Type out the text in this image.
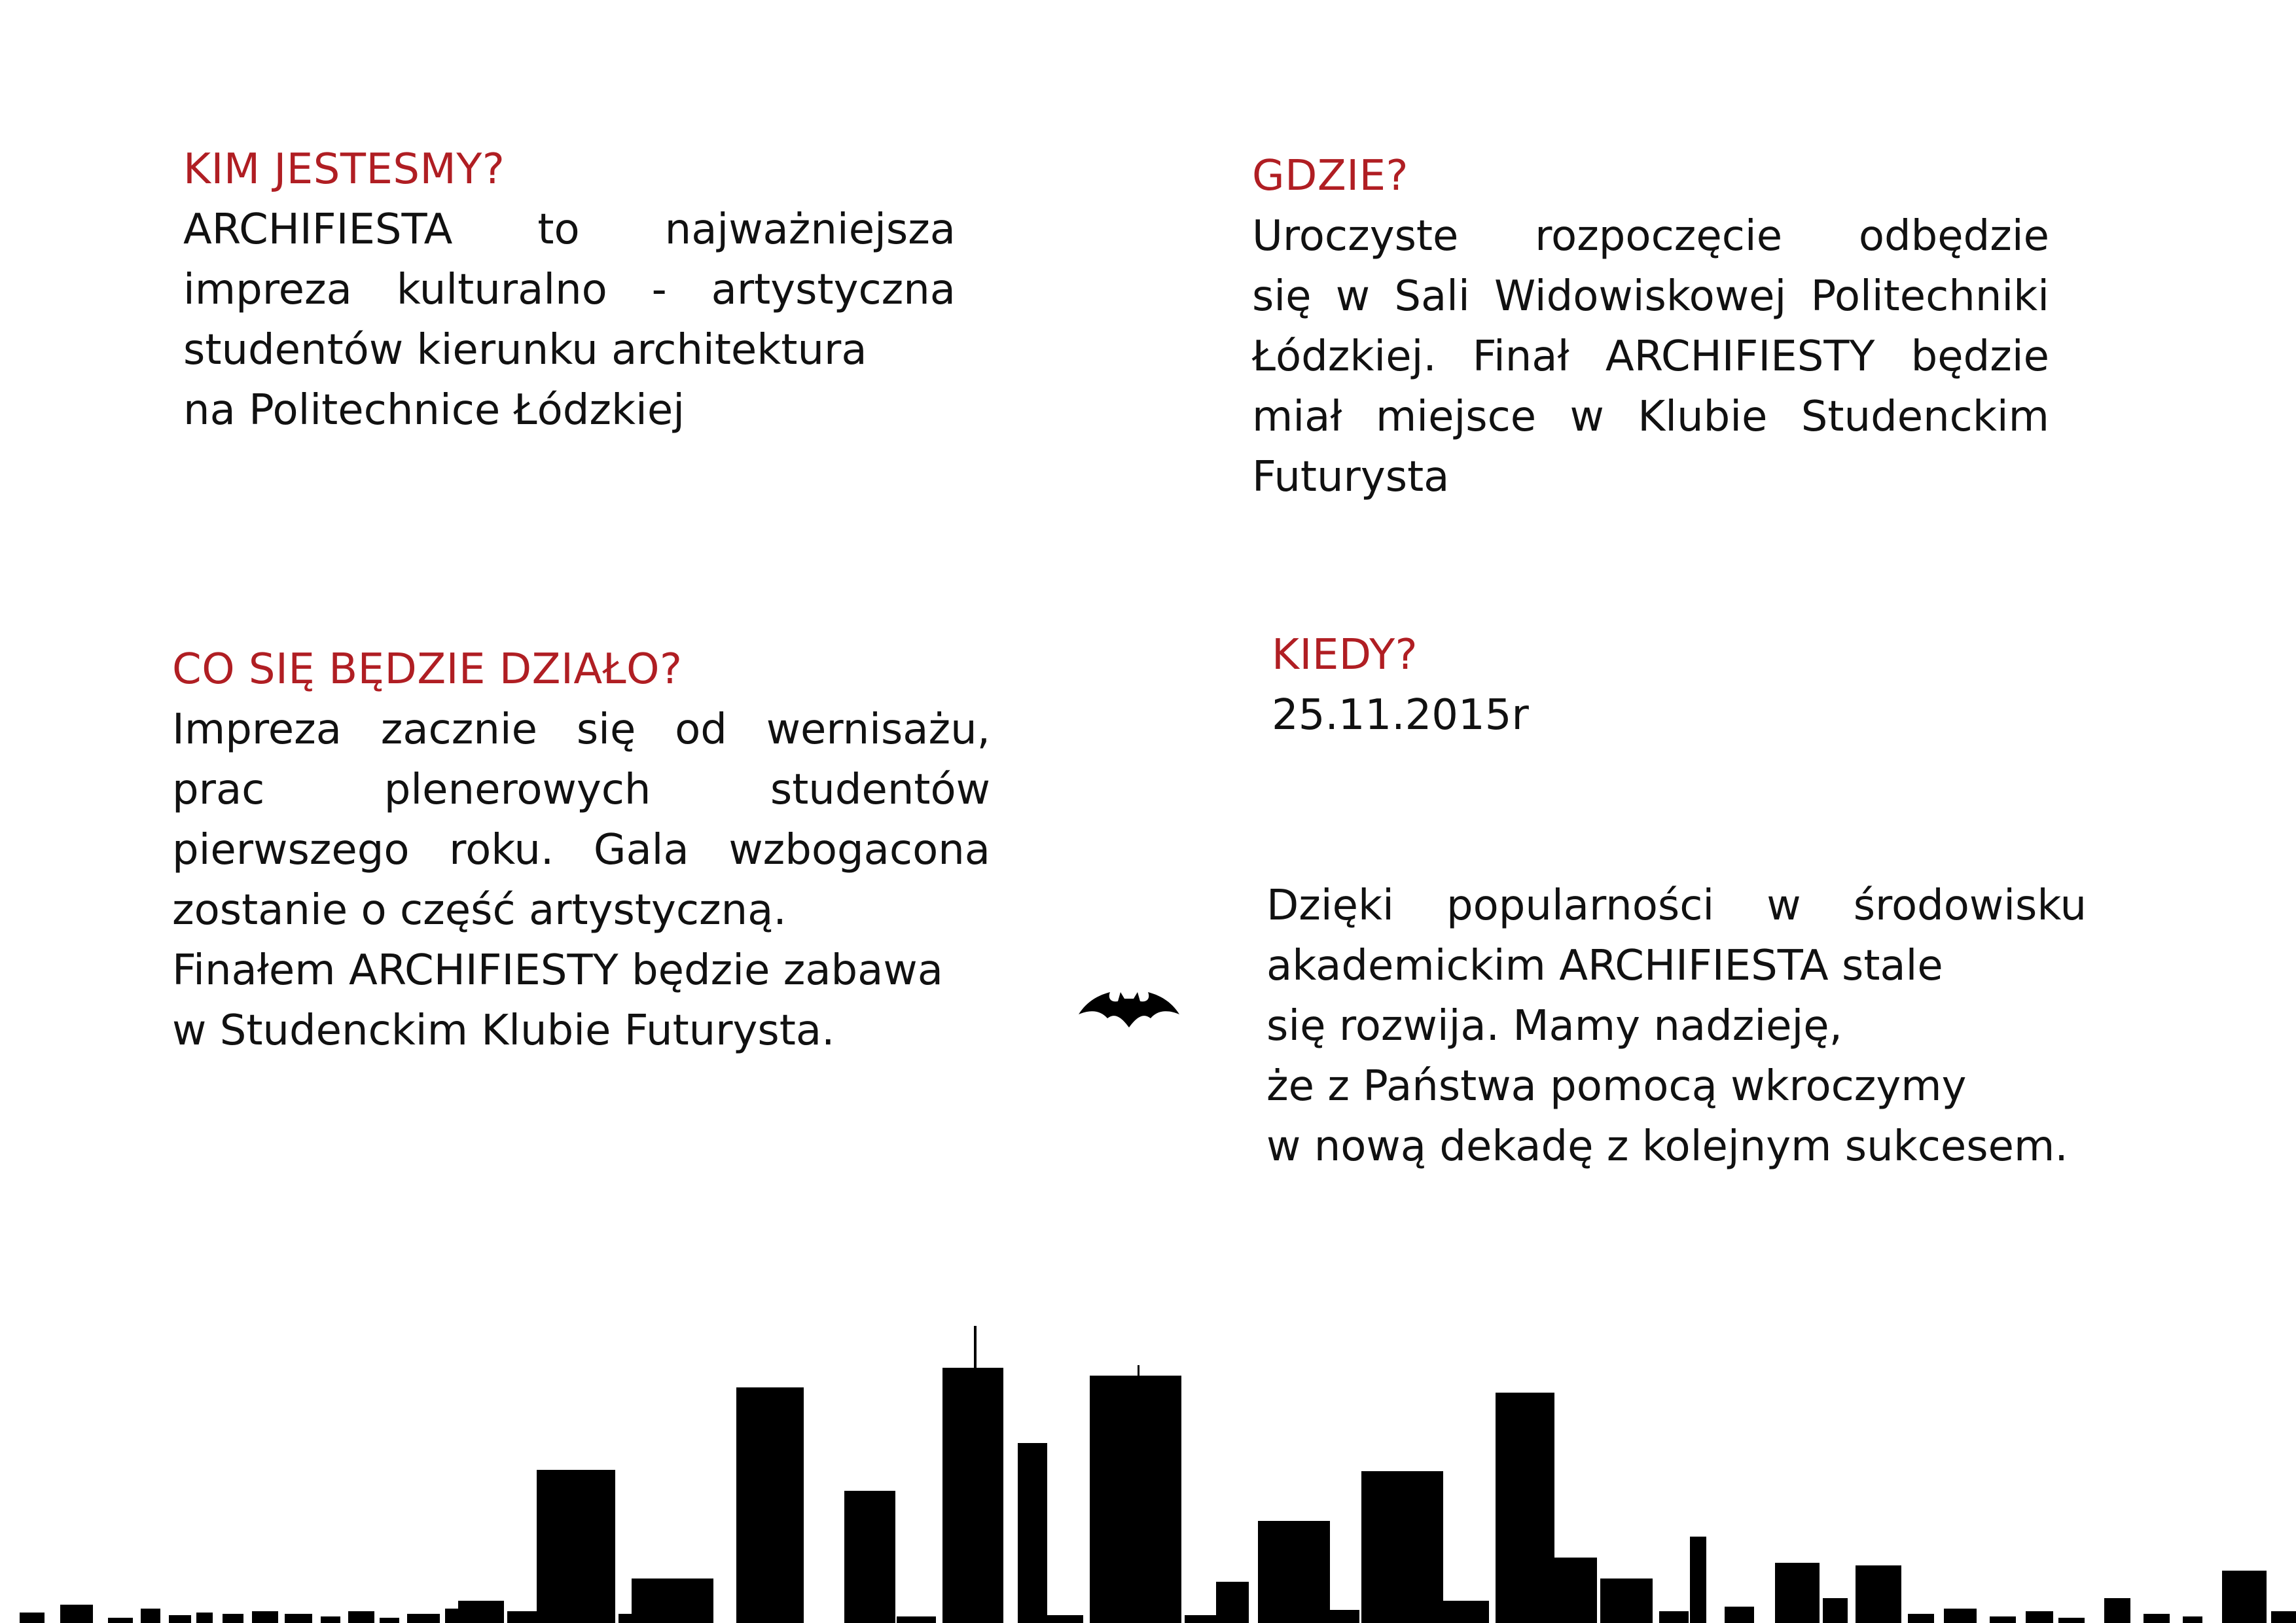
KIM JESTESMY?

ARCHIFIESTA to najważniejsza
impreza kulturalno - artystyczna
studentów kierunku architektura
na Politechnice Łódzkiej

GDZIE?

Uroczyste rozpoczęcie odbędzie
się w Sali Widowiskowej Politechniki
Łódzkiej. Finał ARCHIFIESTY będzie
miał miejsce w Klubie Studenckim
Futurysta

CO SIĘ BĘDZIE DZIAŁO?

Impreza zacznie się od wernisażu,
prac plenerowych studentów
pierwszego roku. Gala wzbogacona
zostanie o część artystyczną.
Finałem ARCHIFIESTY będzie zabawa
w Studenckim Klubie Futurysta.

KIEDY?

25.11.2015r

Dzięki popularności w środowisku
akademickim ARCHIFIESTA stale
się rozwija. Mamy nadzieję,
że z Państwa pomocą wkroczymy
w nową dekadę z kolejnym sukcesem.
